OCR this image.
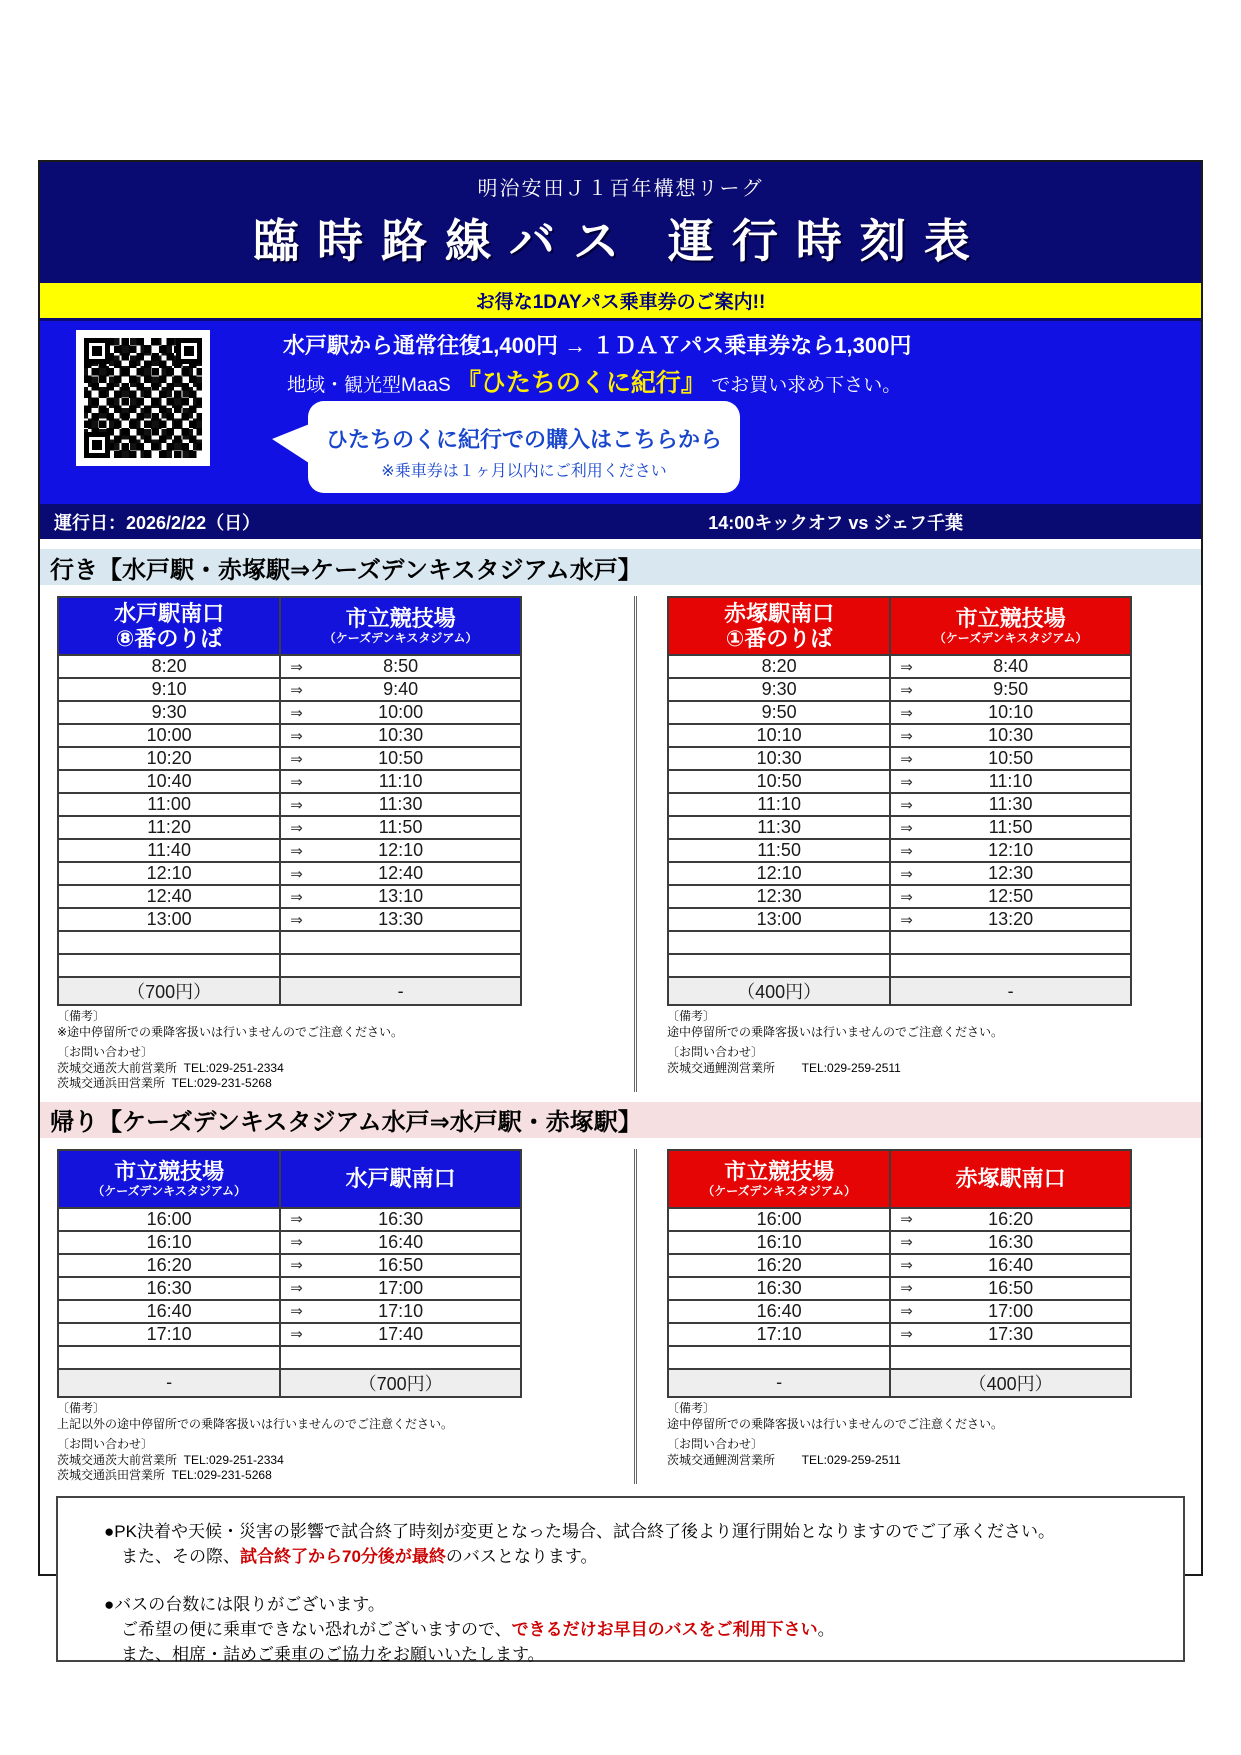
明治安田Ｊ１百年構想リーグ
臨時路線バス 運行時刻表
お得な1DAYパス乗車券のご案内!!
水戸駅から通常往復1,400円 → １ＤＡＹパス乗車券なら1,300円
地域・観光型MaaS 『ひたちのくに紀行』 でお買い求め下さい。
ひたちのくに紀行での購入はこちらから
※乗車券は１ヶ月以内にご利用ください
運行日：2026/2/22（日）	14:00キックオフ vs ジェフ千葉
行き【水戸駅・赤塚駅⇒ケーズデンキスタジアム水戸】
水戸駅南口
⑧番のりば

市立競技場
（ケーズデンキスタジアム）

8:20	⇒ 8:50
9:10	⇒ 9:40
9:30	⇒ 10:00
10:00	⇒ 10:30
10:20	⇒ 10:50
10:40	⇒ 11:10
11:00	⇒ 11:30
11:20	⇒ 11:50
11:40	⇒ 12:10
12:10	⇒ 12:40
12:40	⇒ 13:10
13:00	⇒ 13:30

（700円）	-
〔備考〕
※途中停留所での乗降客扱いは行いませんのでご注意ください。
〔お問い合わせ〕
茨城交通茨大前営業所  TEL:029-251-2334
茨城交通浜田営業所  TEL:029-231-5268
赤塚駅南口
①番のりば

市立競技場
（ケーズデンキスタジアム）

8:20	⇒ 8:40
9:30	⇒ 9:50
9:50	⇒ 10:10
10:10	⇒ 10:30
10:30	⇒ 10:50
10:50	⇒ 11:10
11:10	⇒ 11:30
11:30	⇒ 11:50
11:50	⇒ 12:10
12:10	⇒ 12:30
12:30	⇒ 12:50
13:00	⇒ 13:20

（400円）	-
〔備考〕
途中停留所での乗降客扱いは行いませんのでご注意ください。
〔お問い合わせ〕
茨城交通鯉渕営業所        TEL:029-259-2511
帰り【ケーズデンキスタジアム水戸⇒水戸駅・赤塚駅】
市立競技場
（ケーズデンキスタジアム）	水戸駅南口

16:00	⇒ 16:30
16:10	⇒ 16:40
16:20	⇒ 16:50
16:30	⇒ 17:00
16:40	⇒ 17:10
17:10	⇒ 17:40

-	（700円）
〔備考〕
上記以外の途中停留所での乗降客扱いは行いませんのでご注意ください。
〔お問い合わせ〕
茨城交通茨大前営業所  TEL:029-251-2334
茨城交通浜田営業所  TEL:029-231-5268
市立競技場
（ケーズデンキスタジアム）	赤塚駅南口

16:00	⇒ 16:20
16:10	⇒ 16:30
16:20	⇒ 16:40
16:30	⇒ 16:50
16:40	⇒ 17:00
17:10	⇒ 17:30

-	（400円）
〔備考〕
途中停留所での乗降客扱いは行いませんのでご注意ください。
〔お問い合わせ〕
茨城交通鯉渕営業所        TEL:029-259-2511
●PK決着や天候・災害の影響で試合終了時刻が変更となった場合、試合終了後より運行開始となりますのでご了承ください。
　また、その際、試合終了から70分後が最終のバスとなります。
●バスの台数には限りがございます。
　ご希望の便に乗車できない恐れがございますので、できるだけお早目のバスをご利用下さい。
　また、相席・詰めご乗車のご協力をお願いいたします。
